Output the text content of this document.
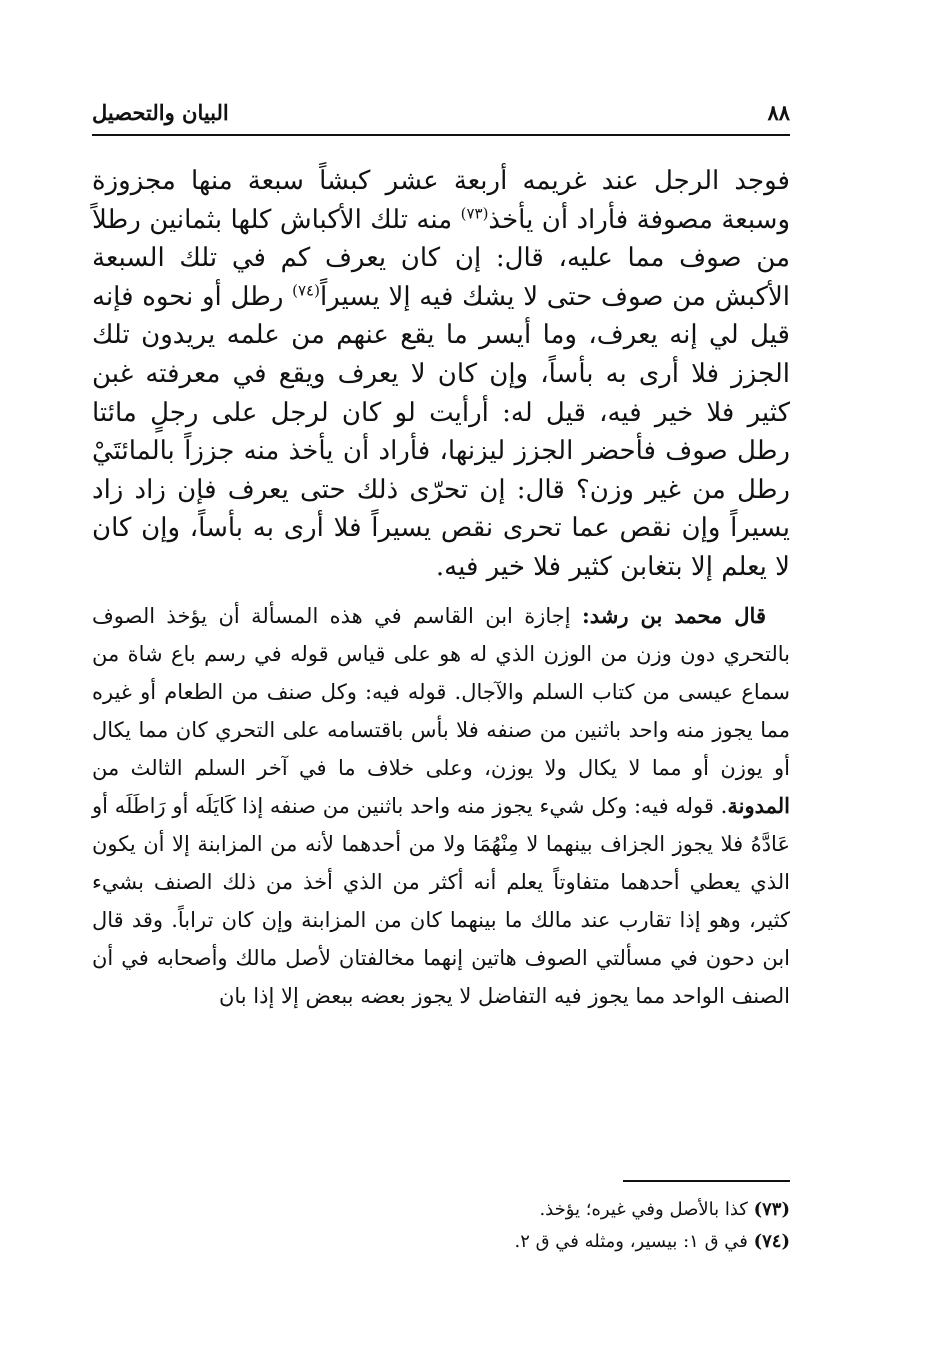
٨٨
البيان والتحصيل

فوجد الرجل عند غريمه أربعة عشر كبشاً سبعة منها مجزوزة وسبعة مصوفة فأراد أن يأخذ$^{(٧٣)}$ منه تلك الأكباش كلها بثمانين رطلاً من صوف مما عليه، قال: إن كان يعرف كم في تلك السبعة الأكبش من صوف حتى لا يشك فيه إلا يسيراً$^{(٧٤)}$ رطل أو نحوه فإنه قيل لي إنه يعرف، وما أيسر ما يقع عنهم من علمه يريدون تلك الجزز فلا أرى به بأساً، وإن كان لا يعرف ويقع في معرفته غبن كثير فلا خير فيه، قيل له: أرأيت لو كان لرجل على رجلٍ مائتا رطل صوف فأحضر الجزز ليزنها، فأراد أن يأخذ منه جززاً بالمائتَيْ رطل من غير وزن؟ قال: إن تحرّى ذلك حتى يعرف فإن زاد زاد يسيراً وإن نقص عما تحرى نقص يسيراً فلا أرى به بأساً، وإن كان لا يعلم إلا بتغابن كثير فلا خير فيه.

قال محمد بن رشد: إجازة ابن القاسم في هذه المسألة أن يؤخذ الصوف بالتحري دون وزن من الوزن الذي له هو على قياس قوله في رسم باع شاة من سماع عيسى من كتاب السلم والآجال. قوله فيه: وكل صنف من الطعام أو غيره مما يجوز منه واحد باثنين من صنفه فلا بأس باقتسامه على التحري كان مما يكال أو يوزن أو مما لا يكال ولا يوزن، وعلى خلاف ما في آخر السلم الثالث من المدونة. قوله فيه: وكل شيء يجوز منه واحد باثنين من صنفه إذا كَايَلَه أو رَاطَلَه أو عَادَّهُ فلا يجوز الجزاف بينهما لا مِنْهُمَا ولا من أحدهما لأنه من المزابنة إلا أن يكون الذي يعطي أحدهما متفاوتاً يعلم أنه أكثر من الذي أخذ من ذلك الصنف بشيء كثير، وهو إذا تقارب عند مالك ما بينهما كان من المزابنة وإن كان تراباً. وقد قال ابن دحون في مسألتي الصوف هاتين إنهما مخالفتان لأصل مالك وأصحابه في أن الصنف الواحد مما يجوز فيه التفاضل لا يجوز بعضه ببعض إلا إذا بان

(٧٣) كذا بالأصل وفي غيره؛ يؤخذ.

(٧٤) في ق ١: بيسير، ومثله في ق ٢.
